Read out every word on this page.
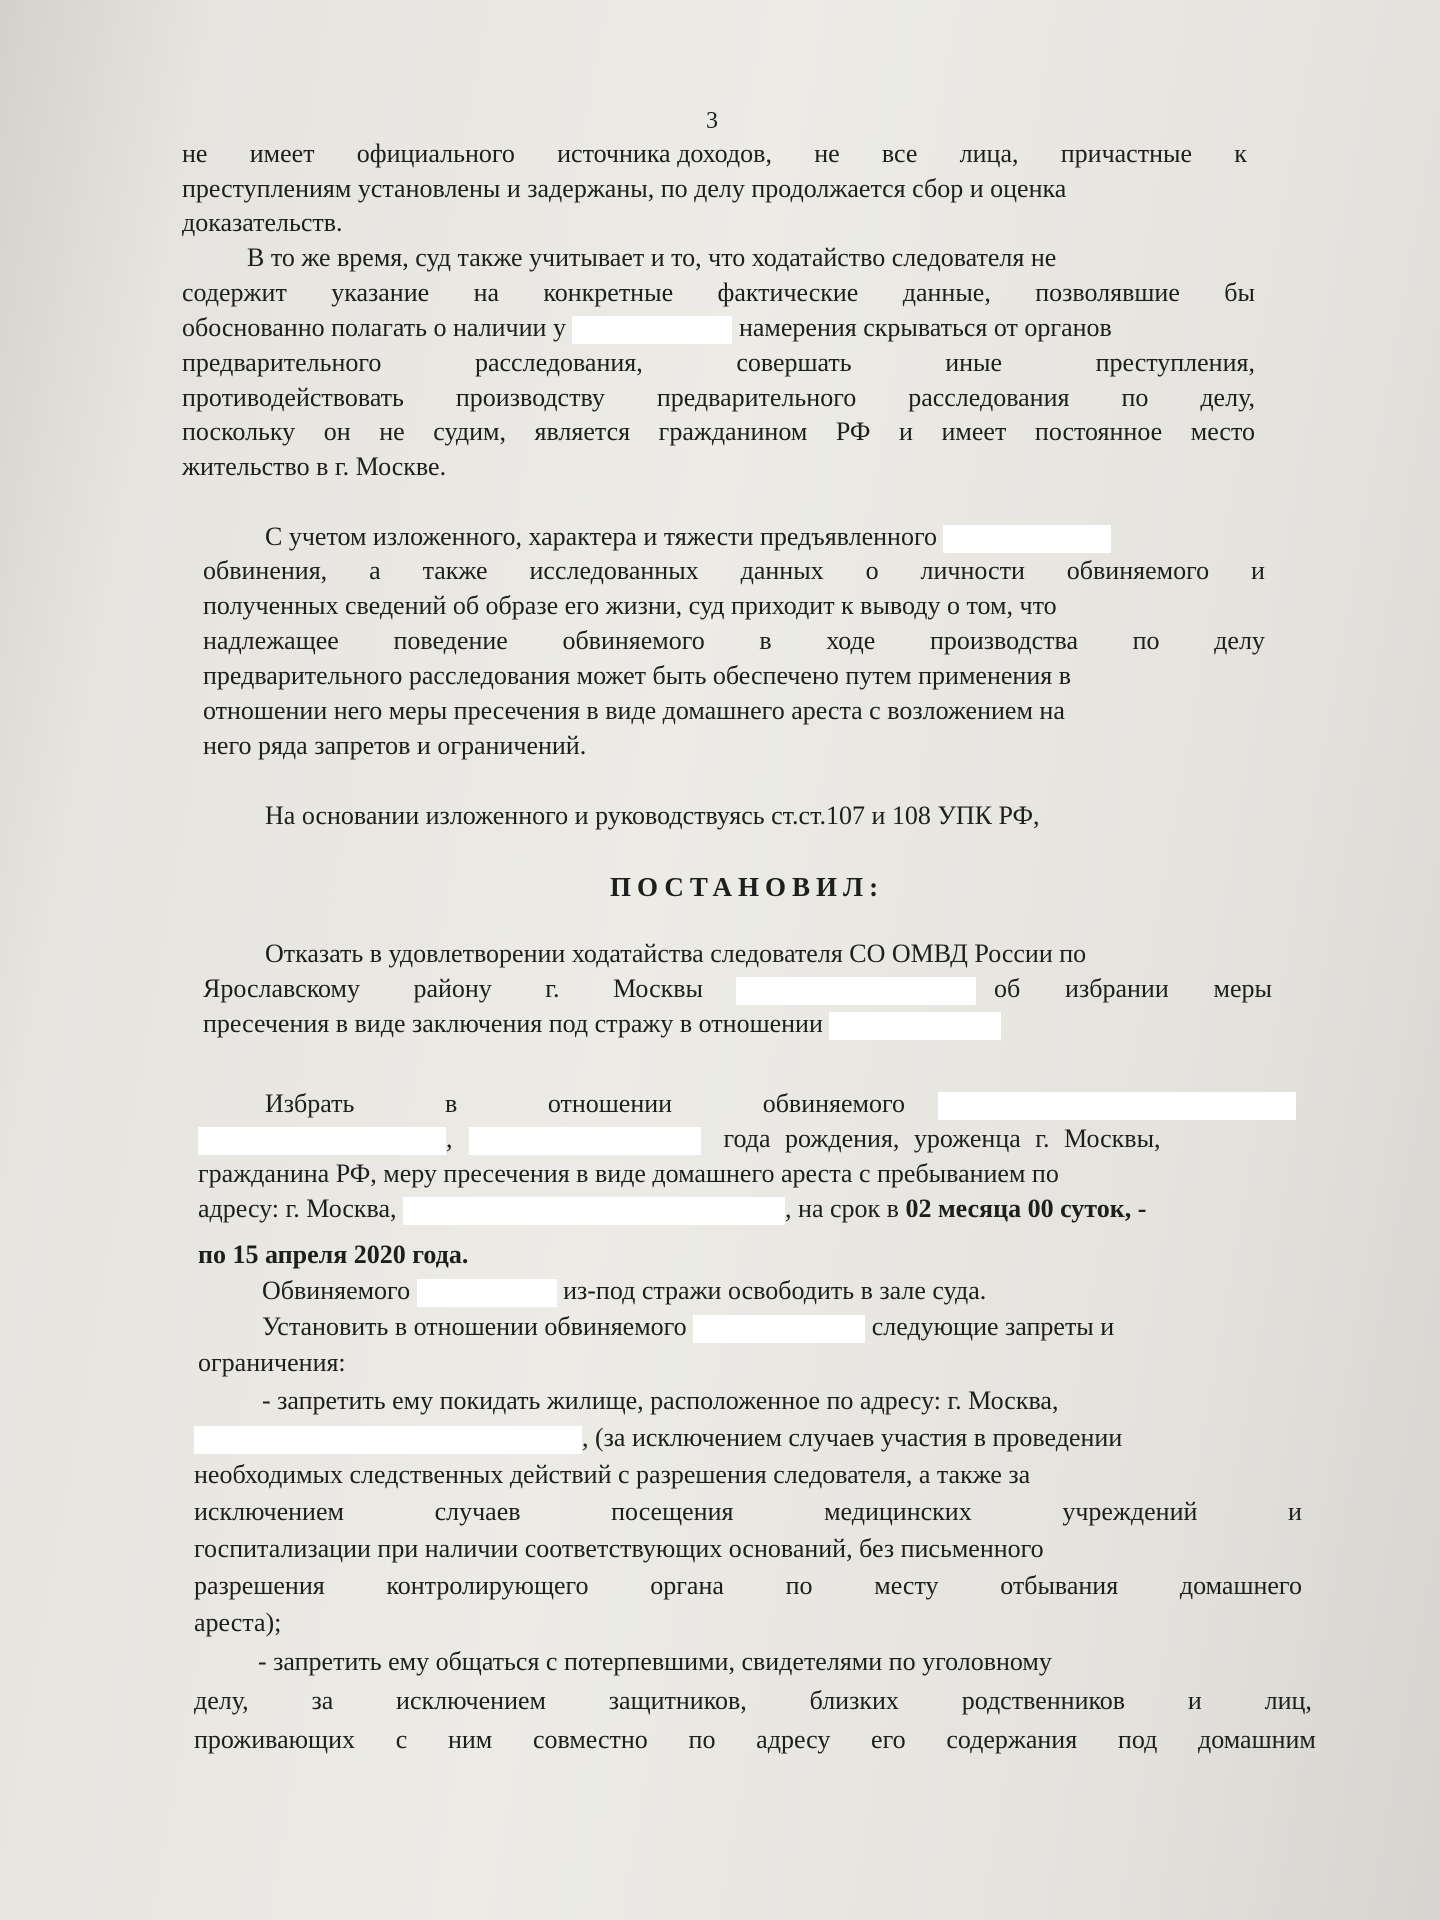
3
не имеет официального источника доходов, не все лица, причастные к
преступлениям установлены и задержаны, по делу продолжается сбор и оценка
доказательств.
В то же время, суд также учитывает и то, что ходатайство следователя не
содержит указание на конкретные фактические данные, позволявшие бы
обоснованно полагать о наличии у	намерения скрываться от органов
предварительного	расследования,	совершать	иные	преступления,
противодействовать производству предварительного расследования по делу,
поскольку он не судим, является гражданином РФ и имеет постоянное место
жительство в г. Москве.
С учетом изложенного, характера и тяжести предъявленного
обвинения, а также исследованных данных о личности обвиняемого и
полученных сведений об образе его жизни, суд приходит к выводу о том, что
надлежащее поведение обвиняемого в ходе производства по делу
предварительного расследования может быть обеспечено путем применения в
отношении него меры пресечения в виде домашнего ареста с возложением на
него ряда запретов и ограничений.
На основании изложенного и руководствуясь ст.ст.107 и 108 УПК РФ,
ПОСТАНОВИЛ:
Отказать в удовлетворении ходатайства следователя СО ОМВД России по
Ярославскому району г. Москвы
	об избрании меры
пресечения в виде заключения под стражу в отношении
Избрать	в	отношении	обвиняемого

,	года рождения, уроженца г. Москвы,
гражданина РФ, меру пресечения в виде домашнего ареста с пребыванием по
адресу: г. Москва,	, на срок в 02 месяца 00 суток, -
по 15 апреля 2020 года.
Обвиняемого	из-под стражи освободить в зале суда.
Установить в отношении обвиняемого	следующие запреты и
ограничения:
- запретить ему покидать жилище, расположенное по адресу: г. Москва,
, (за исключением случаев участия в проведении
необходимых следственных действий с разрешения следователя, а также за
исключением	случаев	посещения	медицинских	учреждений	и
госпитализации при наличии соответствующих оснований, без письменного
разрешения контролирующего органа по месту отбывания домашнего
ареста);
- запретить ему общаться с потерпевшими, свидетелями по уголовному
делу, за исключением защитников, близких родственников и лиц,
проживающих с ним совместно по адресу его содержания под домашним
